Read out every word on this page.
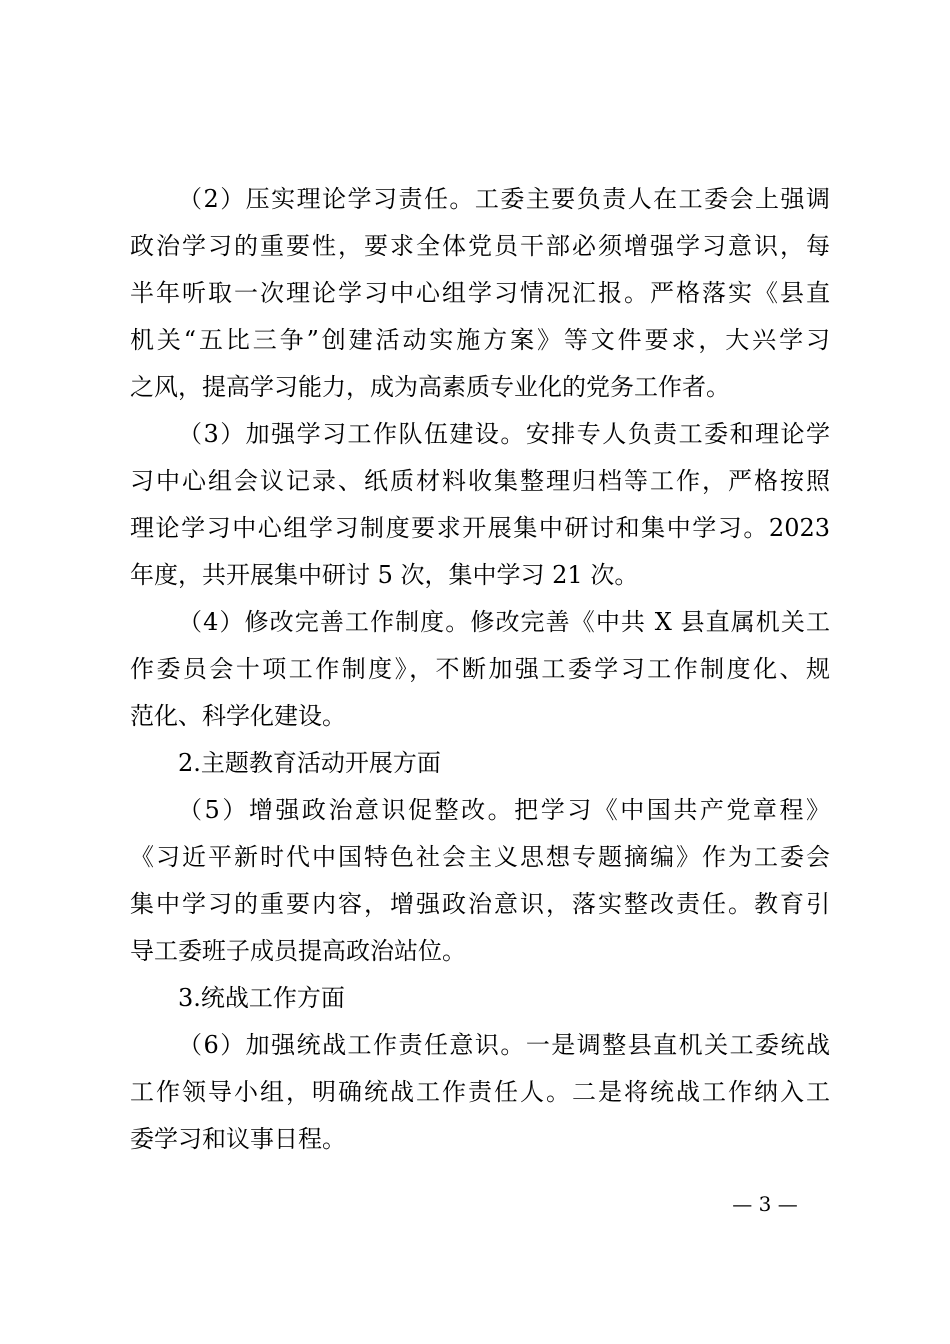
（2）压实理论学习责任。工委主要负责人在工委会上强调
政治学习的重要性，要求全体党员干部必须增强学习意识，每
半年听取一次理论学习中心组学习情况汇报。严格落实《县直
机关“五比三争”创建活动实施方案》等文件要求，大兴学习
之风，提高学习能力，成为高素质专业化的党务工作者。
（3）加强学习工作队伍建设。安排专人负责工委和理论学
习中心组会议记录、纸质材料收集整理归档等工作，严格按照
理论学习中心组学习制度要求开展集中研讨和集中学习。2023
年度，共开展集中研讨 5 次，集中学习 21 次。
（4）修改完善工作制度。修改完善《中共 X 县直属机关工
作委员会十项工作制度》，不断加强工委学习工作制度化、规
范化、科学化建设。
2.主题教育活动开展方面
（5）增强政治意识促整改。把学习《中国共产党章程》
《习近平新时代中国特色社会主义思想专题摘编》作为工委会
集中学习的重要内容，增强政治意识，落实整改责任。教育引
导工委班子成员提高政治站位。
3.统战工作方面
（6）加强统战工作责任意识。一是调整县直机关工委统战
工作领导小组，明确统战工作责任人。二是将统战工作纳入工
委学习和议事日程。
— 3 —
